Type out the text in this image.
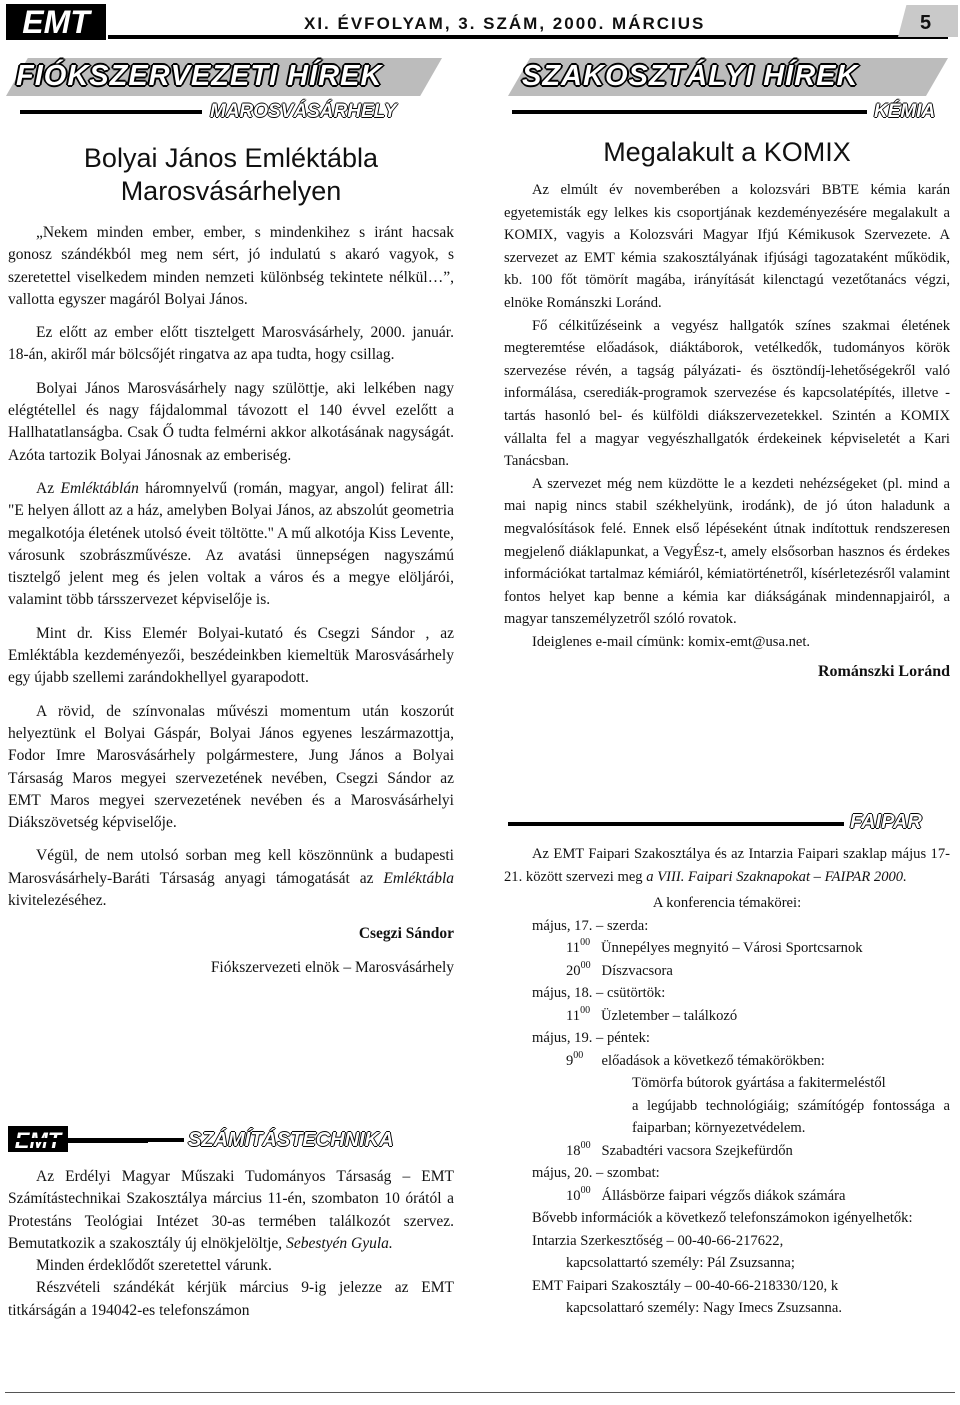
EMT	XI. ÉVFOLYAM, 3. SZÁM, 2000. MÁRCIUS	5
FIÓKSZERVEZETI HÍREK
MAROSVÁSÁRHELY
SZAKOSZTÁLYI HÍREK
KÉMIA
Bolyai János Emléktábla
Marosvásárhelyen

„Nekem minden ember, ember, s mindenkihez s iránt hacsak gonosz szándékból meg nem sért, jó indulatú s akaró vagyok, s szeretettel viselkedem minden nemzeti különbség tekintete nélkül…”, vallotta egyszer magáról Bolyai János.

Ez előtt az ember előtt tisztelgett Marosvásárhely, 2000. január. 18-án, akiről már bölcsőjét ringatva az apa tudta, hogy csillag.

Bolyai János Marosvásárhely nagy szülöttje, aki lelkében nagy elégtétellel és nagy fájdalommal távozott el 140 évvel ezelőtt a Hallhatatlanságba. Csak Ő tudta felmérni akkor alkotásának nagyságát. Azóta tartozik Bolyai Jánosnak az emberiség.

Az Emléktáblán háromnyelvű (román, magyar, angol) felirat áll: "E helyen állott az a ház, amelyben Bolyai János, az abszolút geometria megalkotója életének utolsó éveit töltötte." A mű alkotója Kiss Levente, városunk szobrászművésze. Az avatási ünnepségen nagyszámú tisztelgő jelent meg és jelen voltak a város és a megye elöljárói, valamint több társszervezet képviselője is.

Mint dr. Kiss Elemér Bolyai-kutató és Csegzi Sándor , az Emléktábla kezdeményezői, beszédeinkben kiemeltük Marosvásárhely egy újabb szellemi zarándokhellyel gyarapodott.

A rövid, de színvonalas művészi momentum után koszorút helyeztünk el Bolyai Gáspár, Bolyai János egyenes leszármazottja, Fodor Imre Marosvásárhely polgármestere, Jung János a Bolyai Társaság Maros megyei szervezetének nevében, Csegzi Sándor az EMT Maros megyei szervezetének nevében és a Marosvásárhelyi Diákszövetség képviselője.

Végül, de nem utolsó sorban meg kell köszönnünk a budapesti Marosvásárhely-Baráti Társaság anyagi támogatását az Emléktábla kivitelezéséhez.

Csegzi Sándor

Fiókszervezeti elnök – Marosvásárhely

SZÁMÍTÁSTECHNIKA

Az Erdélyi Magyar Műszaki Tudományos Társaság – EMT Számítástechnikai Szakosztálya március 11-én, szombaton 10 órától a Protestáns Teológiai Intézet 30-as termében találkozót szervez. Bemutatkozik a szakosztály új elnökjelöltje, Sebestyén Gyula.

Minden érdeklődőt szeretettel várunk.

Részvételi szándékát kérjük március 9-ig jelezze az EMT titkárságán a 194042-es telefonszámon

Megalakult a KOMIX

Az elmúlt év novemberében a kolozsvári BBTE kémia karán egyetemisták egy lelkes kis csoportjának kezdeményezésére megalakult a KOMIX, vagyis a Kolozsvári Magyar Ifjú Kémikusok Szervezete. A szervezet az EMT kémia szakosztályának ifjúsági tagozataként működik, kb. 100 főt tömörít magába, irányítását kilenctagú vezetőtanács végzi, elnöke Románszki Loránd.

Fő célkitűzéseink a vegyész hallgatók színes szakmai életének megteremtése előadások, diáktáborok, vetélkedők, tudományos körök szervezése révén, a tagság pályázati- és ösztöndíj-lehetőségekről való informálása, cserediák-programok szervezése és kapcsolatépítés, illetve -tartás hasonló bel- és külföldi diákszervezetekkel. Szintén a KOMIX vállalta fel a magyar vegyészhallgatók érdekeinek képviseletét a Kari Tanácsban.

A szervezet még nem küzdötte le a kezdeti nehézségeket (pl. mind a mai napig nincs stabil székhelyünk, irodánk), de jó úton haladunk a megvalósítások felé. Ennek első lépéseként útnak indítottuk rendszeresen megjelenő diáklapunkat, a VegyÉsz-t, amely elsősorban hasznos és érdekes információkat tartalmaz kémiáról, kémiatörténetről, kísérletezésről valamint fontos helyet kap benne a kémia kar diákságának mindennapjairól, a magyar tanszemélyzetről szóló rovatok.

Ideiglenes e-mail címünk: komix-emt@usa.net.

Románszki Loránd

FAIPAR

Az EMT Faipari Szakosztálya és az Intarzia Faipari szaklap május 17-21. között szervezi meg a VIII. Faipari Szaknapokat – FAIPAR 2000.

A konferencia témakörei:

május, 17. – szerda:

$11^{00}$ Ünnepélyes megnyitó – Városi Sportcsarnok

$20^{00}$ Díszvacsora

május, 18. – csütörtök:

$11^{00}$ Üzletember – találkozó

május, 19. – péntek:

$9^{00}$ előadások a következő témakörökben:

Tömörfa bútorok gyártása a fakitermeléstől

a legújabb technológiáig; számítógép fontossága a faiparban; környezetvédelem.

$18^{00}$ Szabadtéri vacsora Szejkefürdőn

május, 20. – szombat:

$10^{00}$ Állásbörze faipari végzős diákok számára

Bővebb információk a következő telefonszámokon igényelhetők:

Intarzia Szerkesztőség – 00-40-66-217622,

kapcsolattartó személy: Pál Zsuzsanna;

EMT Faipari Szakosztály – 00-40-66-218330/120, k

kapcsolattaró személy: Nagy Imecs Zsuzsanna.
